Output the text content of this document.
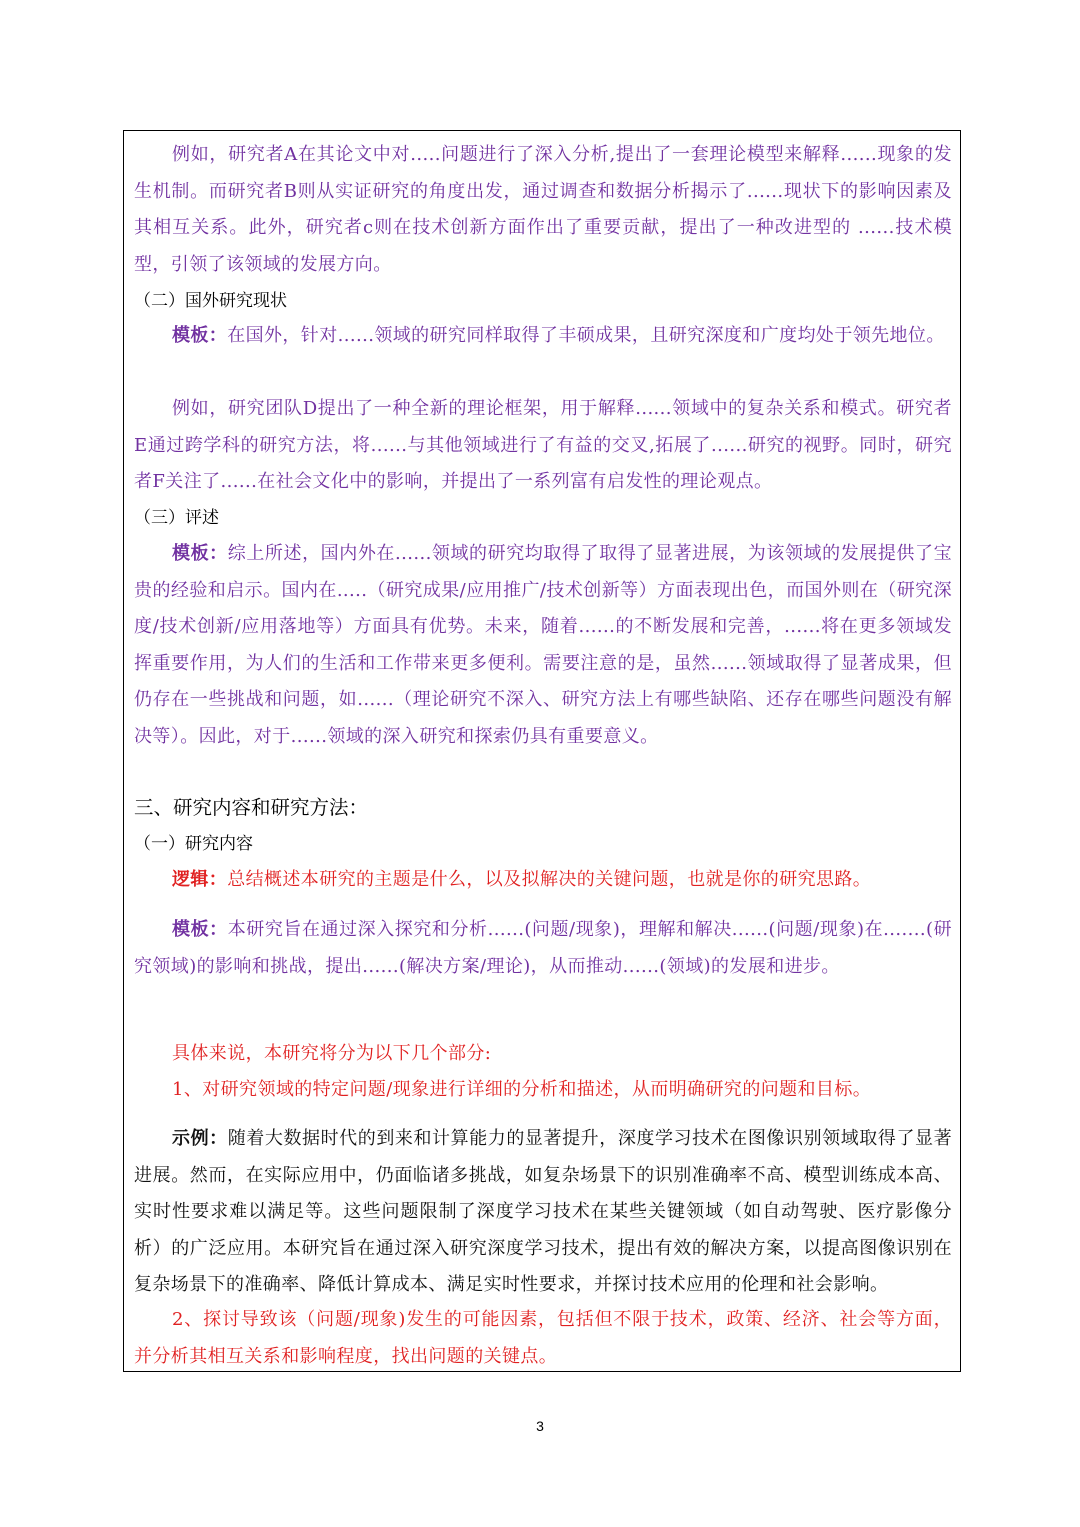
例如，研究者A在其论文中对.....问题进行了深入分析,提出了一套理论模型来解释......现象的发生机制。而研究者B则从实证研究的角度出发，通过调查和数据分析揭示了......现状下的影响因素及其相互关系。此外，研究者c则在技术创新方面作出了重要贡献，提出了一种改进型的 ......技术模型，引领了该领域的发展方向。

（二）国外研究现状

模板：在国外，针对......领域的研究同样取得了丰硕成果，且研究深度和广度均处于领先地位。

例如，研究团队D提出了一种全新的理论框架，用于解释......领域中的复杂关系和模式。研究者E通过跨学科的研究方法，将......与其他领域进行了有益的交叉,拓展了......研究的视野。同时，研究者F关注了......在社会文化中的影响，并提出了一系列富有启发性的理论观点。

（三）评述

模板：综上所述，国内外在......领域的研究均取得了取得了显著进展，为该领域的发展提供了宝贵的经验和启示。国内在.....（研究成果/应用推广/技术创新等）方面表现出色，而国外则在（研究深度/技术创新/应用落地等）方面具有优势。未来，随着......的不断发展和完善，......将在更多领域发挥重要作用，为人们的生活和工作带来更多便利。需要注意的是，虽然......领域取得了显著成果，但仍存在一些挑战和问题，如......（理论研究不深入、研究方法上有哪些缺陷、还存在哪些问题没有解决等）。因此，对于......领域的深入研究和探索仍具有重要意义。

三、研究内容和研究方法：
（一）研究内容

逻辑：总结概述本研究的主题是什么，以及拟解决的关键问题，也就是你的研究思路。

模板：本研究旨在通过深入探究和分析......(问题/现象)，理解和解决......(问题/现象)在.......(研究领域)的影响和挑战，提出......(解决方案/理论)，从而推动......(领域)的发展和进步。

具体来说，本研究将分为以下几个部分:

1、对研究领域的特定问题/现象进行详细的分析和描述，从而明确研究的问题和目标。

示例：随着大数据时代的到来和计算能力的显著提升，深度学习技术在图像识别领域取得了显著进展。然而，在实际应用中，仍面临诸多挑战，如复杂场景下的识别准确率不高、模型训练成本高、实时性要求难以满足等。这些问题限制了深度学习技术在某些关键领域（如自动驾驶、医疗影像分析）的广泛应用。本研究旨在通过深入研究深度学习技术，提出有效的解决方案，以提高图像识别在复杂场景下的准确率、降低计算成本、满足实时性要求，并探讨技术应用的伦理和社会影响。

2、探讨导致该（问题/现象)发生的可能因素，包括但不限于技术，政策、经济、社会等方面，并分析其相互关系和影响程度，找出问题的关键点。

3
